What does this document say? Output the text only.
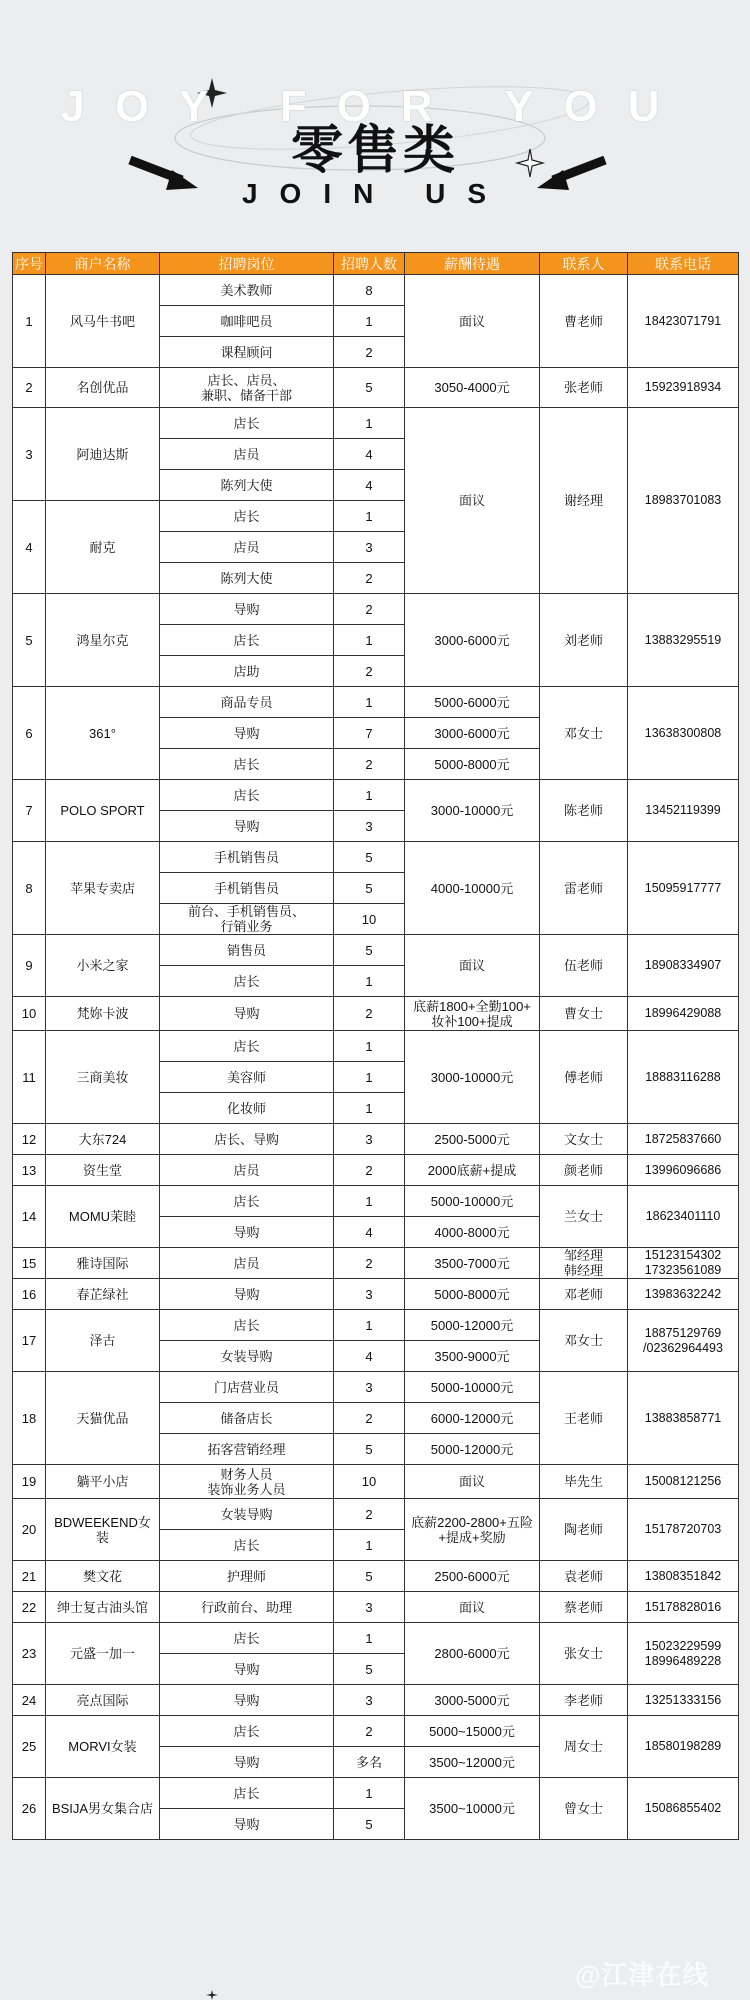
JOY FOR YOU
零售类
JOIN US
序号	商户名称	招聘岗位	招聘人数	薪酬待遇	联系人	联系电话
1	风马牛书吧	美术教师	8	面议	曹老师	18423071791
		咖啡吧员	1			
		课程顾问	2			
2	名创优品	店长、店员、
兼职、储备干部	5	3050-4000元	张老师	15923918934
3	阿迪达斯	店长	1	面议	谢经理	18983701083
		店员	4			
		陈列大使	4			
4	耐克	店长	1			
		店员	3			
		陈列大使	2			
5	鸿星尔克	导购	2	3000-6000元	刘老师	13883295519
		店长	1			
		店助	2			
6	361°	商品专员	1	5000-6000元	邓女士	13638300808
		导购	7	3000-6000元		
		店长	2	5000-8000元		
7	POLO SPORT	店长	1	3000-10000元	陈老师	13452119399
		导购	3			
8	苹果专卖店	手机销售员	5	4000-10000元	雷老师	15095917777
		手机销售员	5			
		前台、手机销售员、
行销业务	10			
9	小米之家	销售员	5	面议	伍老师	18908334907
		店长	1			
10	梵妳卡波	导购	2	底薪1800+全勤100+
妆补100+提成	曹女士	18996429088
11	三商美妆	店长	1	3000-10000元	傅老师	18883116288
		美容师	1			
		化妆师	1			
12	大东724	店长、导购	3	2500-5000元	文女士	18725837660
13	资生堂	店员	2	2000底薪+提成	颜老师	13996096686
14	MOMU茉睦	店长	1	5000-10000元	兰女士	18623401110
		导购	4	4000-8000元		
15	雅诗国际	店员	2	3500-7000元	邹经理
韩经理	15123154302
17323561089
16	春芷绿社	导购	3	5000-8000元	邓老师	13983632242
17	泽古	店长	1	5000-12000元	邓女士	18875129769
/02362964493
		女装导购	4	3500-9000元		
18	天猫优品	门店营业员	3	5000-10000元	王老师	13883858771
		储备店长	2	6000-12000元		
		拓客营销经理	5	5000-12000元		
19	躺平小店	财务人员
装饰业务人员	10	面议	毕先生	15008121256
20	BDWEEKEND女装	女装导购	2	底薪2200-2800+五险
+提成+奖励	陶老师	15178720703
		店长	1			
21	樊文花	护理师	5	2500-6000元	袁老师	13808351842
22	绅士复古油头馆	行政前台、助理	3	面议	蔡老师	15178828016
23	元盛一加一	店长	1	2800-6000元	张女士	15023229599
18996489228
		导购	5			
24	亮点国际	导购	3	3000-5000元	李老师	13251333156
25	MORVI女装	店长	2	5000~15000元	周女士	18580198289
		导购	多名	3500~12000元		
26	BSIJA男女集合店	店长	1	3500~10000元	曾女士	15086855402
		导购	5			
@江津在线
